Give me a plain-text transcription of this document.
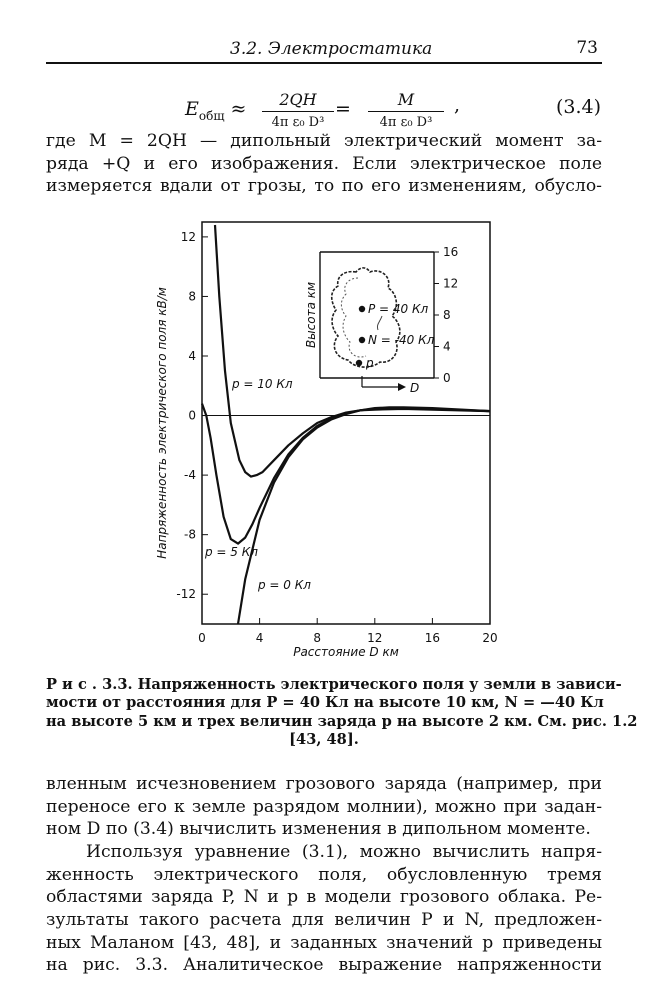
3.2. Электростатика	73
$E_{общ}$ ≈	2QH
4π ε₀ D³
=	M
4π ε₀ D³
,	(3.4)
где M = 2QH — дипольный электрический момент за-
ряда +Q и его изображения. Если электрическое поле
измеряется вдали от грозы, то по его изменениям, обусло-
0	4	8	12	16	20
12
8
4
0
-4
-8
-12
Напряженность электрического поля кВ/м
Расстояние D км
p = 10 Кл
p = 5 Кл
p = 0 Кл
16
12
8
4
0
Высота км	P = 40 Кл
N = -40 Кл
p
D
Р и с . 3.3. Напряженность электрического поля у земли в зависи-
мости от расстояния для P = 40 Кл на высоте 10 км, N = —40 Кл
на высоте 5 км и трех величин заряда p на высоте 2 км. См. рис. 1.2
[43, 48].
вленным исчезновением грозового заряда (например, при
переносе его к земле разрядом молнии), можно при задан-
ном D по (3.4) вычислить изменения в дипольном моменте.
Используя уравнение (3.1), можно вычислить напря-
женность электрического поля, обусловленную тремя
областями заряда P, N и p в модели грозового облака. Ре-
зультаты такого расчета для величин P и N, предложен-
ных Маланом [43, 48], и заданных значений p приведены
на рис. 3.3. Аналитическое выражение напряженности
